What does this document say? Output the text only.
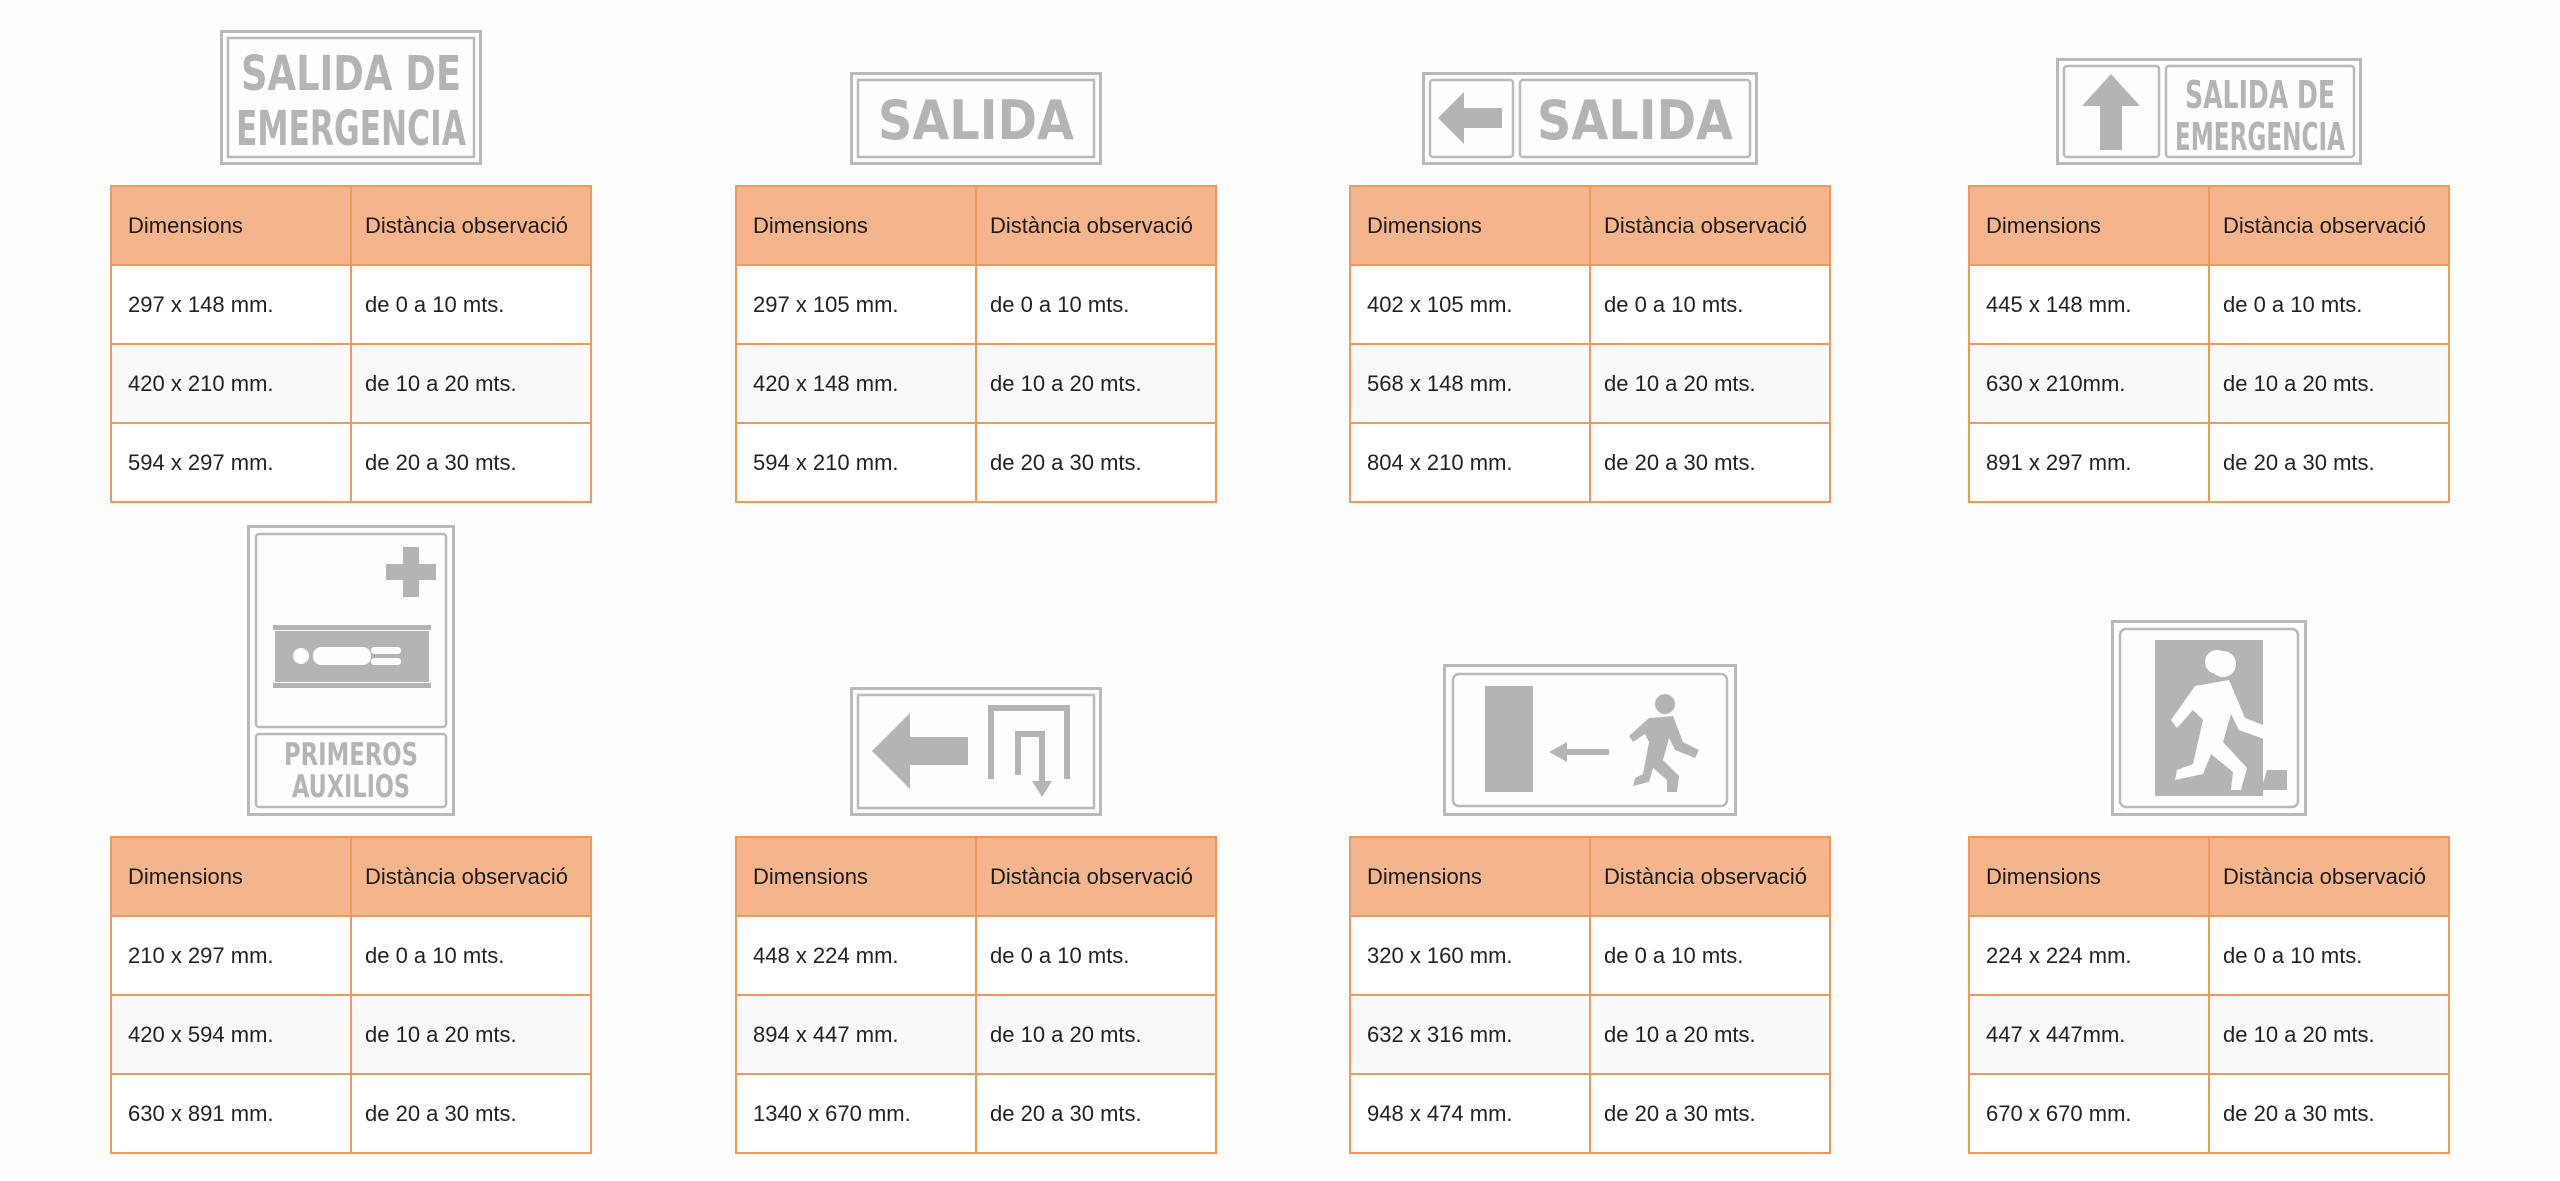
SALIDA DE
EMERGENCIA
Dimensions	Distància observació
297 x 148 mm.	de 0 a 10 mts.
420 x 210 mm.	de 10 a 20 mts.
594 x 297 mm.	de 20 a 30 mts.
SALIDA
Dimensions	Distància observació
297 x 105 mm.	de 0 a 10 mts.
420 x 148 mm.	de 10 a 20 mts.
594 x 210 mm.	de 20 a 30 mts.
SALIDA
Dimensions	Distància observació
402 x 105 mm.	de 0 a 10 mts.
568 x 148 mm.	de 10 a 20 mts.
804 x 210 mm.	de 20 a 30 mts.
SALIDA DE
EMERGENCIA
Dimensions	Distància observació
445 x 148 mm.	de 0 a 10 mts.
630 x 210mm.	de 10 a 20 mts.
891 x 297 mm.	de 20 a 30 mts.
PRIMEROS
AUXILIOS
Dimensions	Distància observació
210 x 297 mm.	de 0 a 10 mts.
420 x 594 mm.	de 10 a 20 mts.
630 x 891 mm.	de 20 a 30 mts.
Dimensions	Distància observació
448 x 224 mm.	de 0 a 10 mts.
894 x 447 mm.	de 10 a 20 mts.
1340 x 670 mm.	de 20 a 30 mts.
Dimensions	Distància observació
320 x 160 mm.	de 0 a 10 mts.
632 x 316 mm.	de 10 a 20 mts.
948 x 474 mm.	de 20 a 30 mts.
Dimensions	Distància observació
224 x 224 mm.	de 0 a 10 mts.
447 x 447mm.	de 10 a 20 mts.
670 x 670 mm.	de 20 a 30 mts.
